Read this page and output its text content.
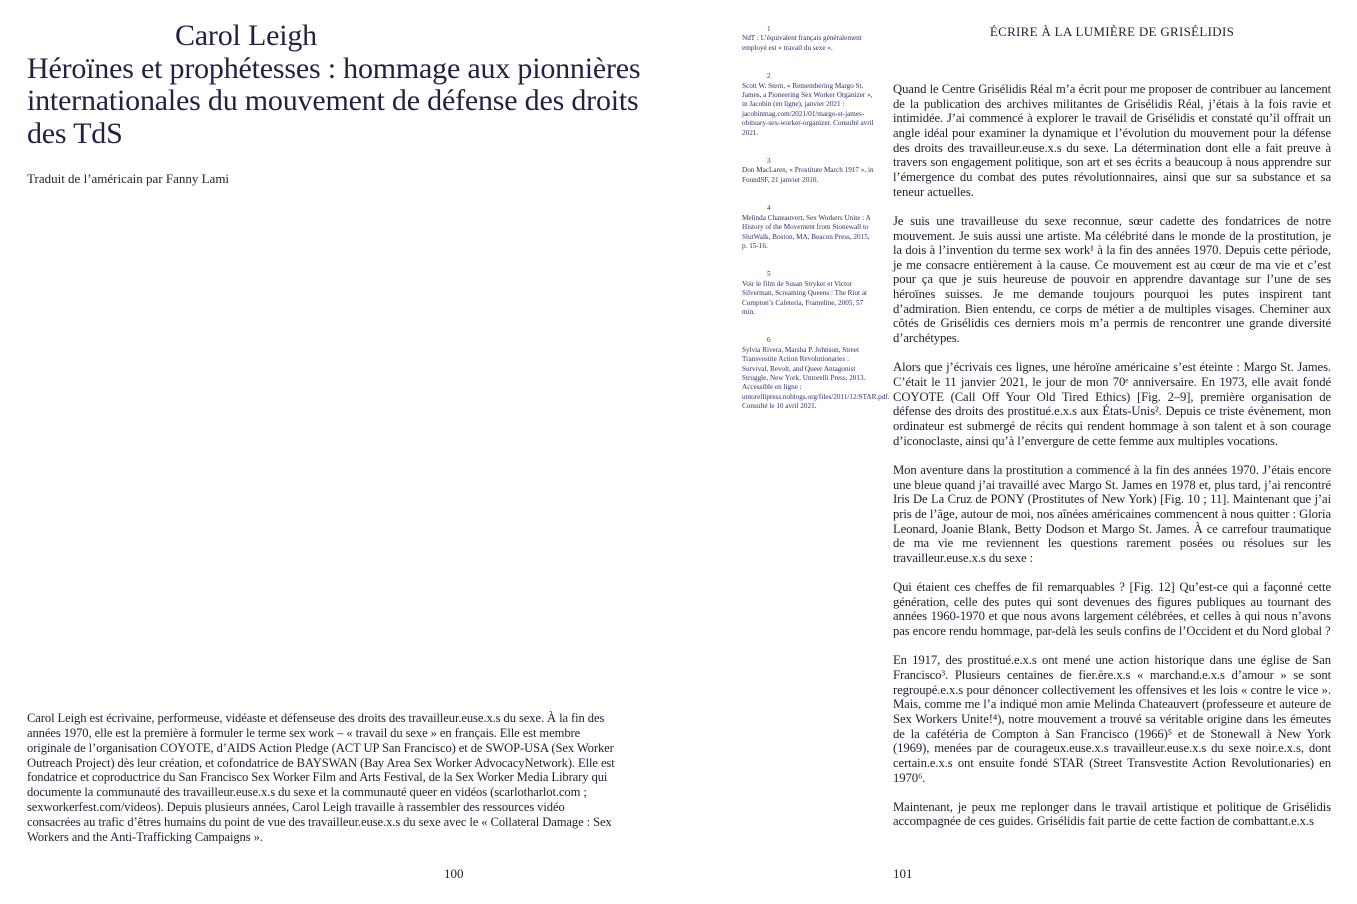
Carol Leigh
Héroïnes et prophétesses : hommage aux pionnières internationales du mouvement de défense des droits des TdS
Traduit de l’américain par Fanny Lami
Carol Leigh est écrivaine, performeuse, vidéaste et défenseuse des droits des travailleur.euse.x.s du sexe. À la fin des années 1970, elle est la première à formuler le terme sex work – « travail du sexe » en français. Elle est membre originale de l’organisation COYOTE, d’AIDS Action Pledge (ACT UP San Francisco) et de SWOP-USA (Sex Worker Outreach Project) dès leur création, et cofondatrice de BAYSWAN (Bay Area Sex Worker AdvocacyNetwork). Elle est fondatrice et coproductrice du San Francisco Sex Worker Film and Arts Festival, de la Sex Worker Media Library qui documente la communauté des travailleur.euse.x.s du sexe et la communauté queer en vidéos (scarlotharlot.com ; sexworkerfest.com/videos). Depuis plusieurs années, Carol Leigh travaille à rassembler des ressources vidéo consacrées au trafic d’êtres humains du point de vue des travailleur.euse.x.s du sexe avec le « Collateral Damage : Sex Workers and the Anti-Trafficking Campaigns ».
100
1
NdT : L’équivalent français généralement employé est « travail du sexe ».
2
Scott W. Stern, « Remembering Margo St. James, a Pioneering Sex Worker Organizer », in Jacobin (en ligne), janvier 2021 : jacobinmag.com/2021/01/margo-st-james-obituary-sex-worker-organizer. Consulté avril 2021.
3
Don MacLaren, « Prostitute March 1917 », in FoundSF, 21 janvier 2010.
4
Melinda Chateauvert, Sex Workers Unite : A History of the Movement from Stonewall to SlutWalk, Boston, MA, Beacon Press, 2015, p. 15-16.
5
Voir le film de Susan Stryker et Victor Silverman, Screaming Queens : The Riot at Compton’s Cafeteria, Frameline, 2005, 57 min.
6
Sylvia Rivera, Marsha P. Johnson, Street Transvestite Action Revolutionaries : Survival, Revolt, and Queer Antagonist Struggle, New York, Untorelli Press, 2013. Accessible en ligne : untorellipress.noblogs.org/files/2011/12/STAR.pdf. Consulté le 10 avril 2021.
ÉCRIRE À LA LUMIÈRE DE GRISÉLIDIS

Quand le Centre Grisélidis Réal m’a écrit pour me proposer de contribuer au lancement de la publication des archives militantes de Grisélidis Réal, j’étais à la fois ravie et intimidée. J’ai commencé à explorer le travail de Grisélidis et constaté qu’il offrait un angle idéal pour examiner la dynamique et l’évolution du mouvement pour la défense des droits des travailleur.euse.x.s du sexe. La détermination dont elle a fait preuve à travers son engagement politique, son art et ses écrits a beaucoup à nous apprendre sur l’émergence du combat des putes révolutionnaires, ainsi que sur sa substance et sa teneur actuelles.

Je suis une travailleuse du sexe reconnue, sœur cadette des fondatrices de notre mouvement. Je suis aussi une artiste. Ma célébrité dans le monde de la prostitution, je la dois à l’invention du terme sex work¹ à la fin des années 1970. Depuis cette période, je me consacre entièrement à la cause. Ce mouvement est au cœur de ma vie et c’est pour ça que je suis heureuse de pouvoir en apprendre davantage sur l’une de ses héroïnes suisses. Je me demande toujours pourquoi les putes inspirent tant d’admiration. Bien entendu, ce corps de métier a de multiples visages. Cheminer aux côtés de Grisélidis ces derniers mois m’a permis de rencontrer une grande diversité d’archétypes.

Alors que j’écrivais ces lignes, une héroïne américaine s’est éteinte : Margo St. James. C’était le 11 janvier 2021, le jour de mon 70ᵉ anniversaire. En 1973, elle avait fondé COYOTE (Call Off Your Old Tired Ethics) [Fig. 2–9], première organisation de défense des droits des prostitué.e.x.s aux États-Unis². Depuis ce triste évènement, mon ordinateur est submergé de récits qui rendent hommage à son talent et à son courage d’iconoclaste, ainsi qu’à l’envergure de cette femme aux multiples vocations.

Mon aventure dans la prostitution a commencé à la fin des années 1970. J’étais encore une bleue quand j’ai travaillé avec Margo St. James en 1978 et, plus tard, j’ai rencontré Iris De La Cruz de PONY (Prostitutes of New York) [Fig. 10 ; 11]. Maintenant que j’ai pris de l’âge, autour de moi, nos aînées américaines commencent à nous quitter : Gloria Leonard, Joanie Blank, Betty Dodson et Margo St. James. À ce carrefour traumatique de ma vie me reviennent les questions rarement posées ou résolues sur les travailleur.euse.x.s du sexe :

Qui étaient ces cheffes de fil remarquables ? [Fig. 12] Qu’est-ce qui a façonné cette génération, celle des putes qui sont devenues des figures publiques au tournant des années 1960-1970 et que nous avons largement célébrées, et celles à qui nous n’avons pas encore rendu hommage, par-delà les seuls confins de l’Occident et du Nord global ?

En 1917, des prostitué.e.x.s ont mené une action historique dans une église de San Francisco³. Plusieurs centaines de fier.ère.x.s « marchand.e.x.s d’amour » se sont regroupé.e.x.s pour dénoncer collectivement les offensives et les lois « contre le vice ». Mais, comme me l’a indiqué mon amie Melinda Chateauvert (professeure et auteure de Sex Workers Unite!⁴), notre mouvement a trouvé sa véritable origine dans les émeutes de la cafétéria de Compton à San Francisco (1966)⁵ et de Stonewall à New York (1969), menées par de courageux.euse.x.s travailleur.euse.x.s du sexe noir.e.x.s, dont certain.e.x.s ont ensuite fondé STAR (Street Transvestite Action Revolutionaries) en 1970⁶.

Maintenant, je peux me replonger dans le travail artistique et politique de Grisélidis accompagnée de ces guides. Grisélidis fait partie de cette faction de combattant.e.x.s

101
